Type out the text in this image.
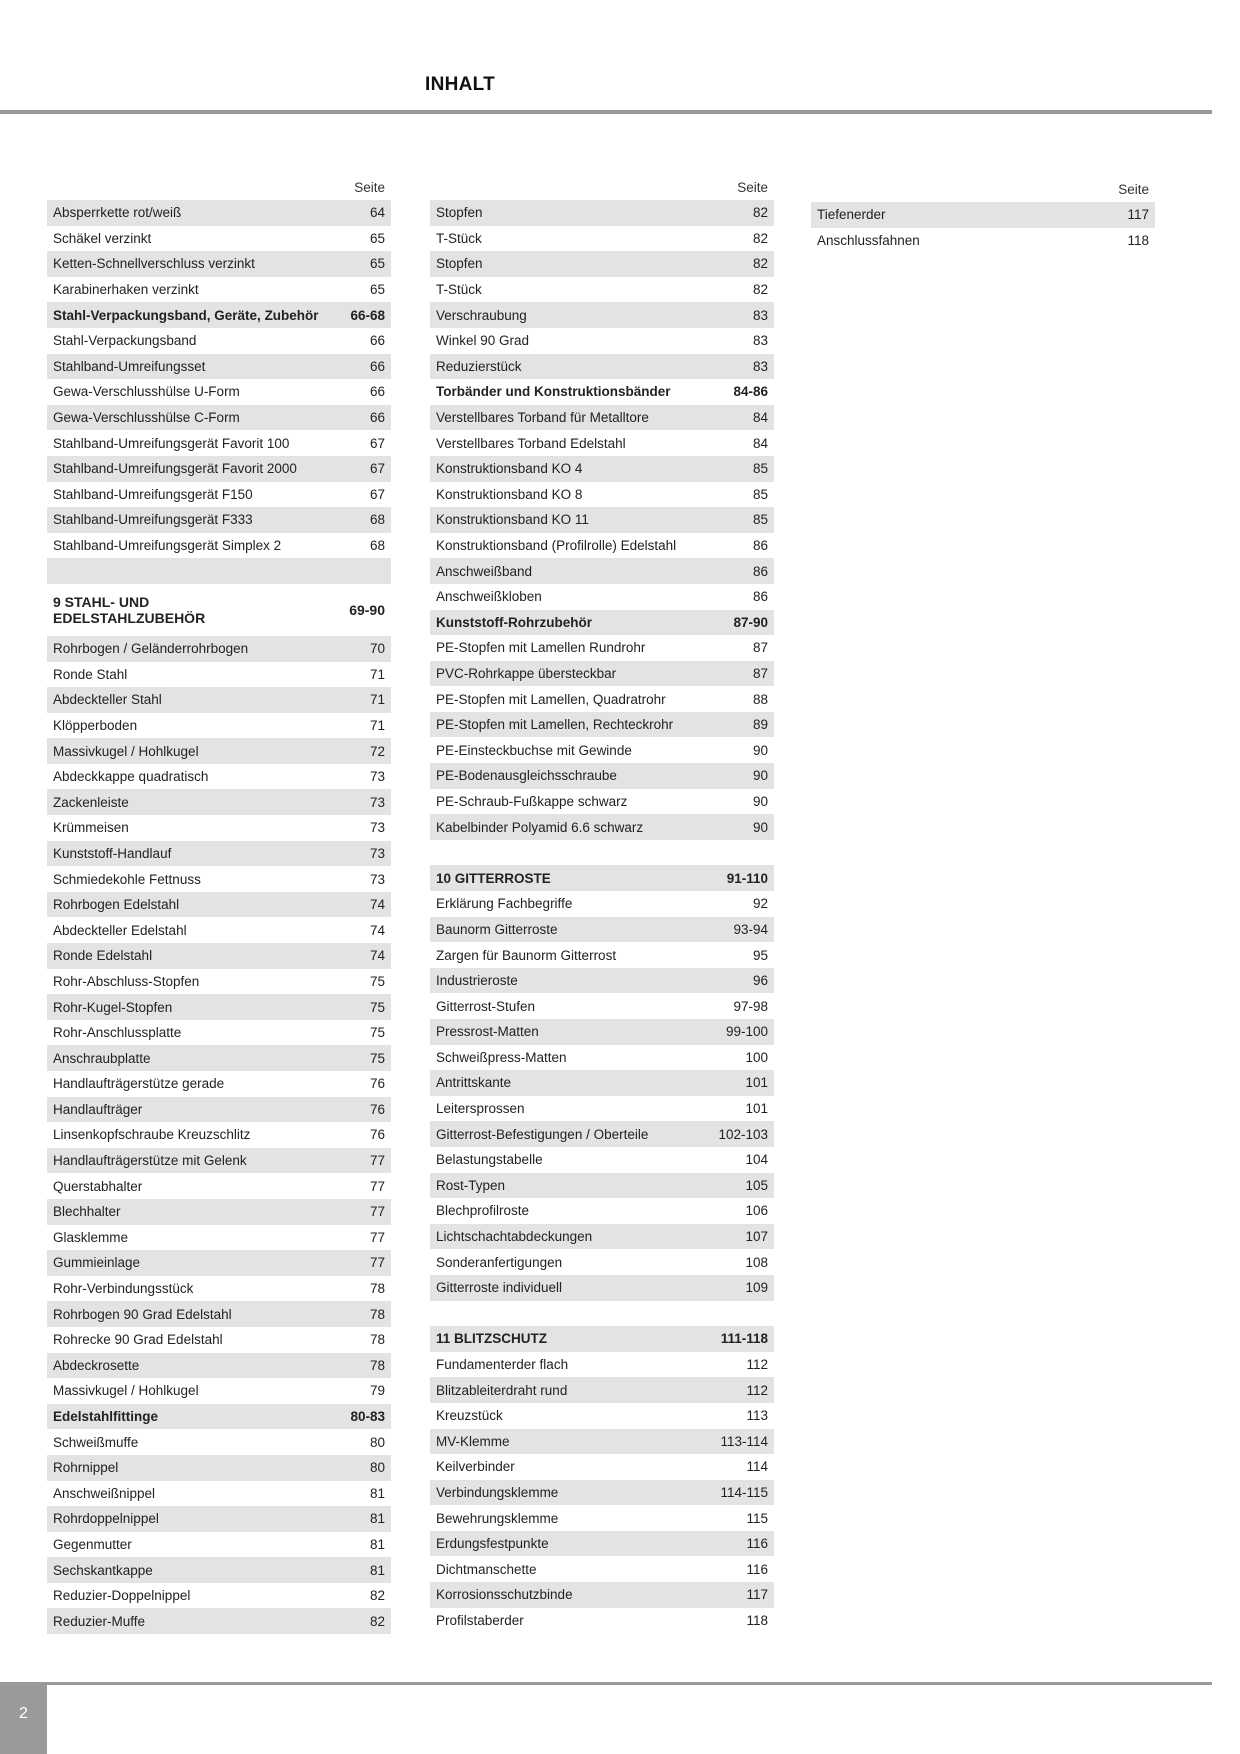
INHALT
Seite
Absperrkette rot/weiß	64
Schäkel verzinkt	65
Ketten-Schnellverschluss verzinkt	65
Karabinerhaken verzinkt	65
Stahl-Verpackungsband, Geräte, Zubehör	66-68
Stahl-Verpackungsband	66
Stahlband-Umreifungsset	66
Gewa-Verschlusshülse U-Form	66
Gewa-Verschlusshülse C-Form	66
Stahlband-Umreifungsgerät Favorit 100	67
Stahlband-Umreifungsgerät Favorit 2000	67
Stahlband-Umreifungsgerät F150	67
Stahlband-Umreifungsgerät F333	68
Stahlband-Umreifungsgerät Simplex 2	68
9 STAHL- UND
EDELSTAHLZUBEHÖR	69-90
Rohrbogen / Geländerrohrbogen	70
Ronde Stahl	71
Abdeckteller Stahl	71
Klöpperboden	71
Massivkugel / Hohlkugel	72
Abdeckkappe quadratisch	73
Zackenleiste	73
Krümmeisen	73
Kunststoff-Handlauf	73
Schmiedekohle Fettnuss	73
Rohrbogen Edelstahl	74
Abdeckteller Edelstahl	74
Ronde Edelstahl	74
Rohr-Abschluss-Stopfen	75
Rohr-Kugel-Stopfen	75
Rohr-Anschlussplatte	75
Anschraubplatte	75
Handlaufträgerstütze gerade	76
Handlaufträger	76
Linsenkopfschraube Kreuzschlitz	76
Handlaufträgerstütze mit Gelenk	77
Querstabhalter	77
Blechhalter	77
Glasklemme	77
Gummieinlage	77
Rohr-Verbindungsstück	78
Rohrbogen 90 Grad Edelstahl	78
Rohrecke 90 Grad Edelstahl	78
Abdeckrosette	78
Massivkugel / Hohlkugel	79
Edelstahlfittinge	80-83
Schweißmuffe	80
Rohrnippel	80
Anschweißnippel	81
Rohrdoppelnippel	81
Gegenmutter	81
Sechskantkappe	81
Reduzier-Doppelnippel	82
Reduzier-Muffe	82
Seite
Stopfen	82
T-Stück	82
Stopfen	82
T-Stück	82
Verschraubung	83
Winkel 90 Grad	83
Reduzierstück	83
Torbänder und Konstruktionsbänder	84-86
Verstellbares Torband für Metalltore	84
Verstellbares Torband Edelstahl	84
Konstruktionsband KO 4	85
Konstruktionsband KO 8	85
Konstruktionsband KO 11	85
Konstruktionsband (Profilrolle) Edelstahl	86
Anschweißband	86
Anschweißkloben	86
Kunststoff-Rohrzubehör	87-90
PE-Stopfen mit Lamellen Rundrohr	87
PVC-Rohrkappe übersteckbar	87
PE-Stopfen mit Lamellen, Quadratrohr	88
PE-Stopfen mit Lamellen, Rechteckrohr	89
PE-Einsteckbuchse mit Gewinde	90
PE-Bodenausgleichsschraube	90
PE-Schraub-Fußkappe schwarz	90
Kabelbinder Polyamid 6.6 schwarz	90
10 GITTERROSTE	91-110
Erklärung Fachbegriffe	92
Baunorm Gitterroste	93-94
Zargen für Baunorm Gitterrost	95
Industrieroste	96
Gitterrost-Stufen	97-98
Pressrost-Matten	99-100
Schweißpress-Matten	100
Antrittskante	101
Leitersprossen	101
Gitterrost-Befestigungen / Oberteile	102-103
Belastungstabelle	104
Rost-Typen	105
Blechprofilroste	106
Lichtschachtabdeckungen	107
Sonderanfertigungen	108
Gitterroste individuell	109
11 BLITZSCHUTZ	111-118
Fundamenterder flach	112
Blitzableiterdraht rund	112
Kreuzstück	113
MV-Klemme	113-114
Keilverbinder	114
Verbindungsklemme	114-115
Bewehrungsklemme	115
Erdungsfestpunkte	116
Dichtmanschette	116
Korrosionsschutzbinde	117
Profilstaberder	118
Seite
Tiefenerder	117
Anschlussfahnen	118
2
